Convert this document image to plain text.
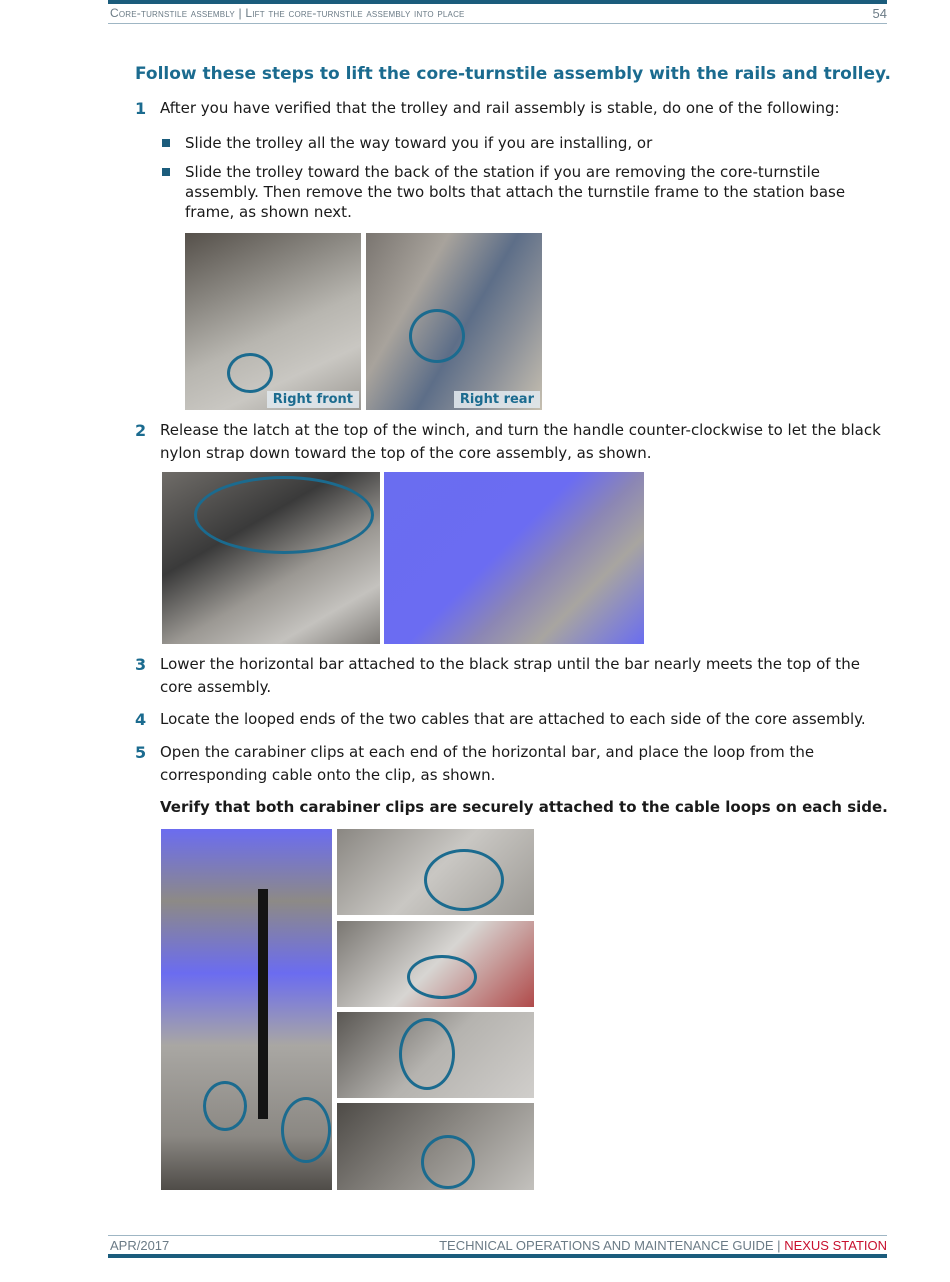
Core-turnstile assembly | Lift the core-turnstile assembly into place	54
Follow these steps to lift the core-turnstile assembly with the rails and trolley.
1 After you have verified that the trolley and rail assembly is stable, do one of the following:
Slide the trolley all the way toward you if you are installing, or
Slide the trolley toward the back of the station if you are removing the core-turnstile assembly. Then remove the two bolts that attach the turnstile frame to the station base frame, as shown next.
Right front	Right rear
2 Release the latch at the top of the winch, and turn the handle counter-clockwise to let the black nylon strap down toward the top of the core assembly, as shown.
3 Lower the horizontal bar attached to the black strap until the bar nearly meets the top of the core assembly.
4 Locate the looped ends of the two cables that are attached to each side of the core assembly.
5 Open the carabiner clips at each end of the horizontal bar, and place the loop from the corresponding cable onto the clip, as shown.
Verify that both carabiner clips are securely attached to the cable loops on each side.
APR/2017	TECHNICAL OPERATIONS AND MAINTENANCE GUIDE | NEXUS STATION
